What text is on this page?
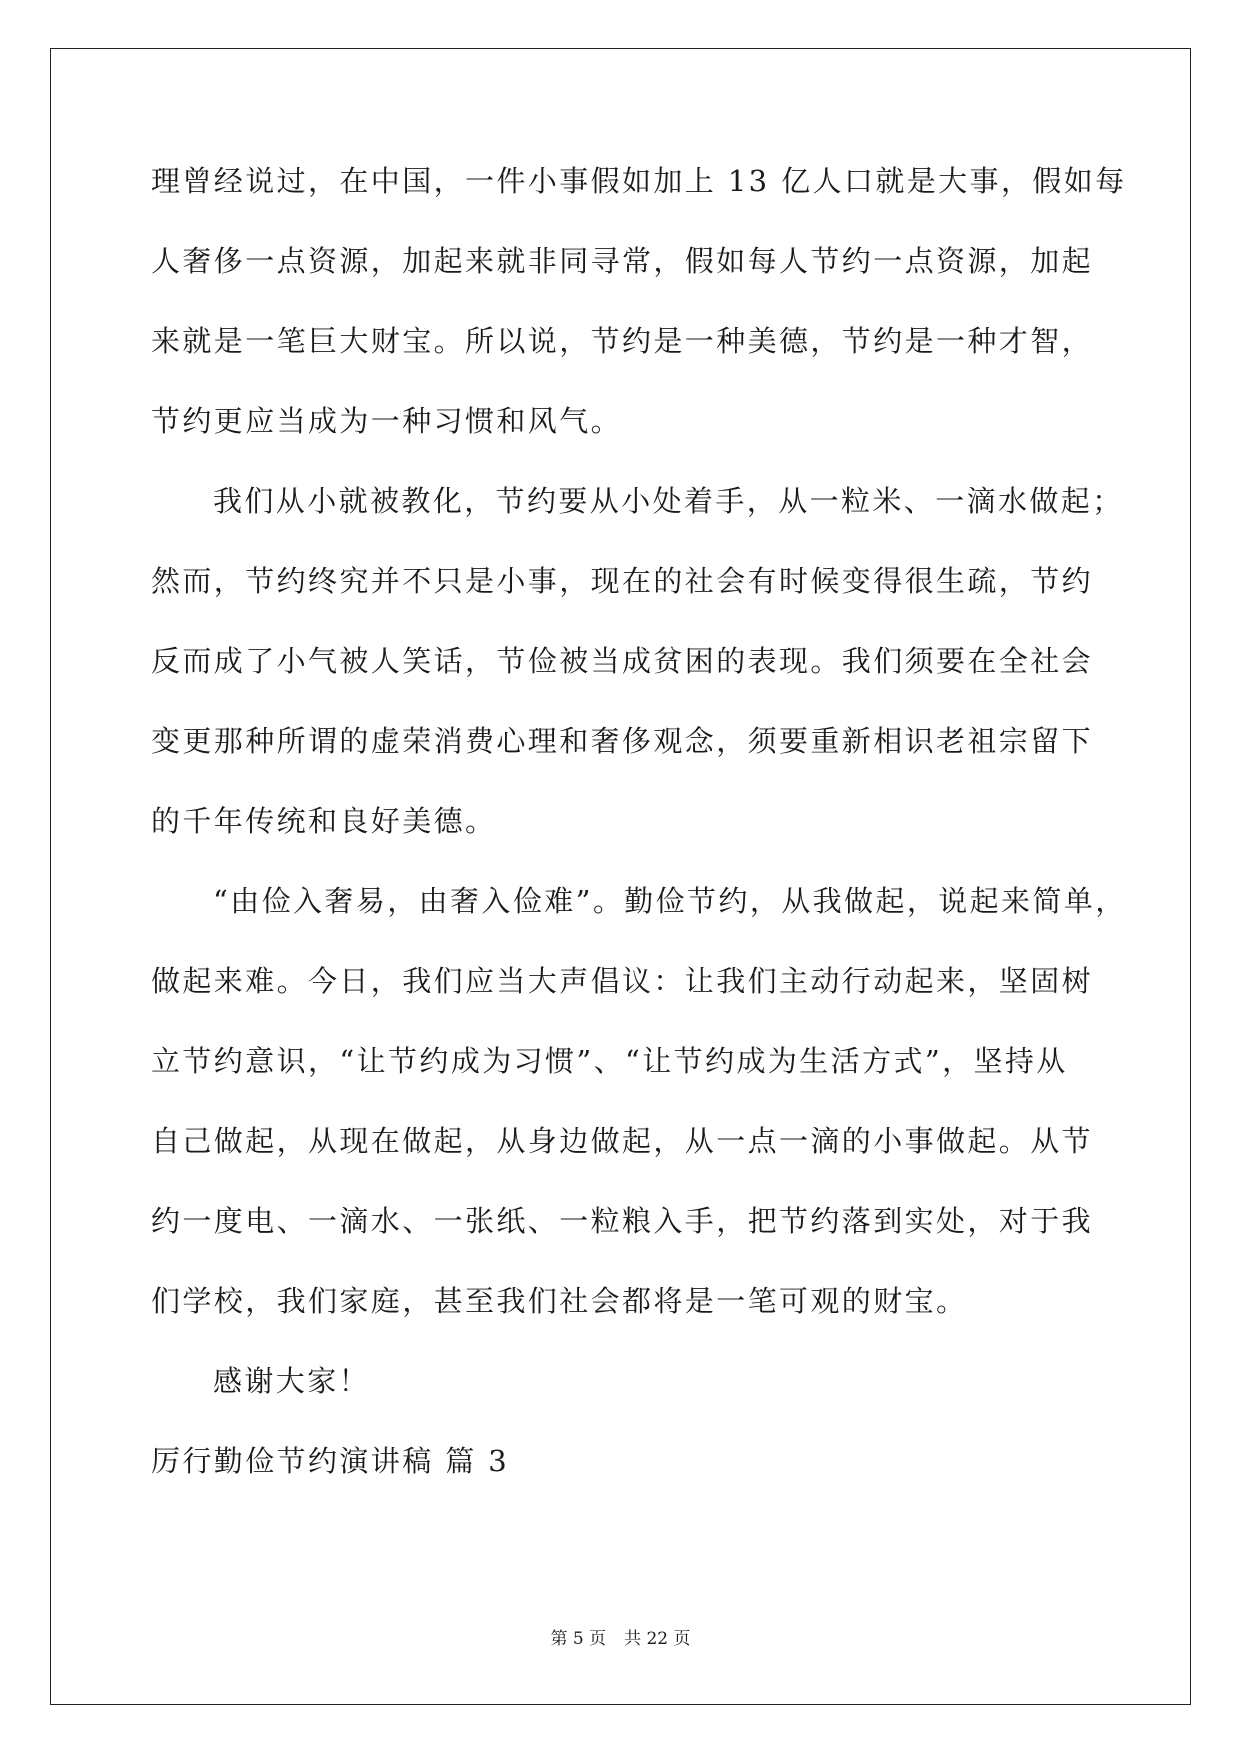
理曾经说过，在中国，一件小事假如加上 13 亿人口就是大事，假如每
人奢侈一点资源，加起来就非同寻常，假如每人节约一点资源，加起
来就是一笔巨大财宝。所以说，节约是一种美德，节约是一种才智，
节约更应当成为一种习惯和风气。
我们从小就被教化，节约要从小处着手，从一粒米、一滴水做起；
然而，节约终究并不只是小事，现在的社会有时候变得很生疏，节约
反而成了小气被人笑话，节俭被当成贫困的表现。我们须要在全社会
变更那种所谓的虚荣消费心理和奢侈观念，须要重新相识老祖宗留下
的千年传统和良好美德。
“由俭入奢易，由奢入俭难”。勤俭节约，从我做起，说起来简单，
做起来难。今日，我们应当大声倡议：让我们主动行动起来，坚固树
立节约意识，“让节约成为习惯”、“让节约成为生活方式”，坚持从
自己做起，从现在做起，从身边做起，从一点一滴的小事做起。从节
约一度电、一滴水、一张纸、一粒粮入手，把节约落到实处，对于我
们学校，我们家庭，甚至我们社会都将是一笔可观的财宝。
感谢大家！
厉行勤俭节约演讲稿 篇 3
第 5 页 共 22 页
